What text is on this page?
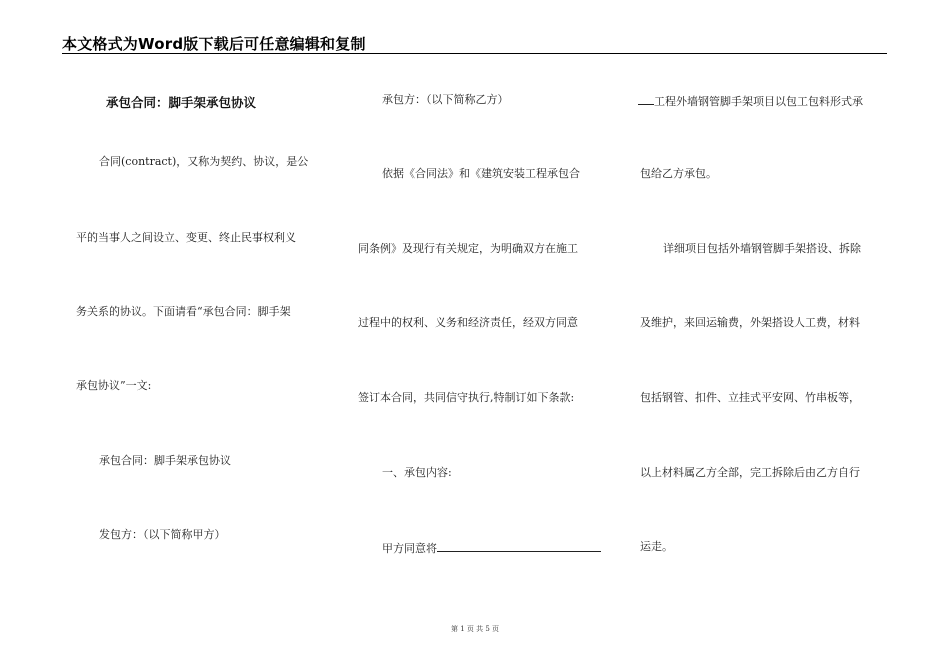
本文格式为Word版下载后可任意编辑和复制
承包合同：脚手架承包协议
合同(contract)，又称为契约、协议，是公
平的当事人之间设立、变更、终止民事权利义
务关系的协议。下面请看“承包合同：脚手架
承包协议”一文:
承包合同：脚手架承包协议
发包方：（以下简称甲方）
承包方：（以下简称乙方）
依据《合同法》和《建筑安装工程承包合
同条例》及现行有关规定，为明确双方在施工
过程中的权利、义务和经济责任，经双方同意
签订本合同，共同信守执行,特制订如下条款:
一、承包内容:
甲方同意将
工程外墙钢管脚手架项目以包工包料形式承
包给乙方承包。
详细项目包括外墙钢管脚手架搭设、拆除
及维护，来回运输费，外架搭设人工费，材料
包括钢管、扣件、立挂式平安网、竹串板等，
以上材料属乙方全部，完工拆除后由乙方自行
运走。
第 1 页 共 5 页
